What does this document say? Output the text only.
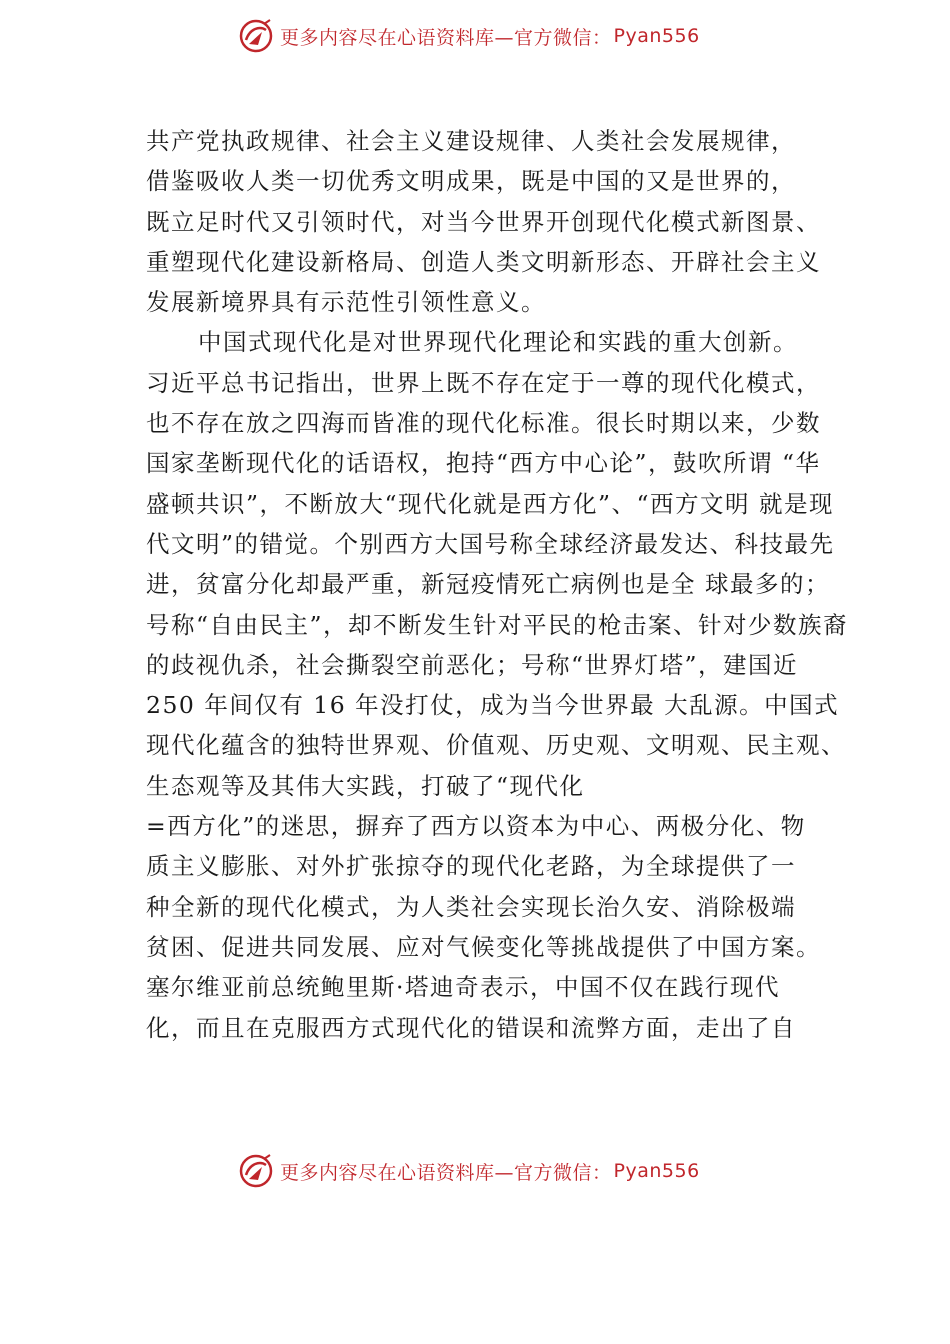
更多内容尽在心语资料库—官方微信： Pyan556
共产党执政规律、社会主义建设规律、人类社会发展规律，
借鉴吸收人类一切优秀文明成果，既是中国的又是世界的，
既立足时代又引领时代，对当今世界开创现代化模式新图景、
重塑现代化建设新格局、创造人类文明新形态、开辟社会主义
发展新境界具有示范性引领性意义。
中国式现代化是对世界现代化理论和实践的重大创新。
习近平总书记指出，世界上既不存在定于一尊的现代化模式，
也不存在放之四海而皆准的现代化标准。很长时期以来，少数
国家垄断现代化的话语权，抱持“西方中心论”，鼓吹所谓 “华
盛顿共识”，不断放大“现代化就是西方化”、“西方文明 就是现
代文明”的错觉。个别西方大国号称全球经济最发达、科技最先
进，贫富分化却最严重，新冠疫情死亡病例也是全 球最多的；
号称“自由民主”，却不断发生针对平民的枪击案、针对少数族裔
的歧视仇杀，社会撕裂空前恶化；号称“世界灯塔”，建国近
250 年间仅有 16 年没打仗，成为当今世界最 大乱源。中国式
现代化蕴含的独特世界观、价值观、历史观、文明观、民主观、
生态观等及其伟大实践，打破了“现代化
=西方化”的迷思，摒弃了西方以资本为中心、两极分化、物
质主义膨胀、对外扩张掠夺的现代化老路，为全球提供了一
种全新的现代化模式，为人类社会实现长治久安、消除极端
贫困、促进共同发展、应对气候变化等挑战提供了中国方案。
塞尔维亚前总统鲍里斯·塔迪奇表示，中国不仅在践行现代
化，而且在克服西方式现代化的错误和流弊方面，走出了自
更多内容尽在心语资料库—官方微信： Pyan556
